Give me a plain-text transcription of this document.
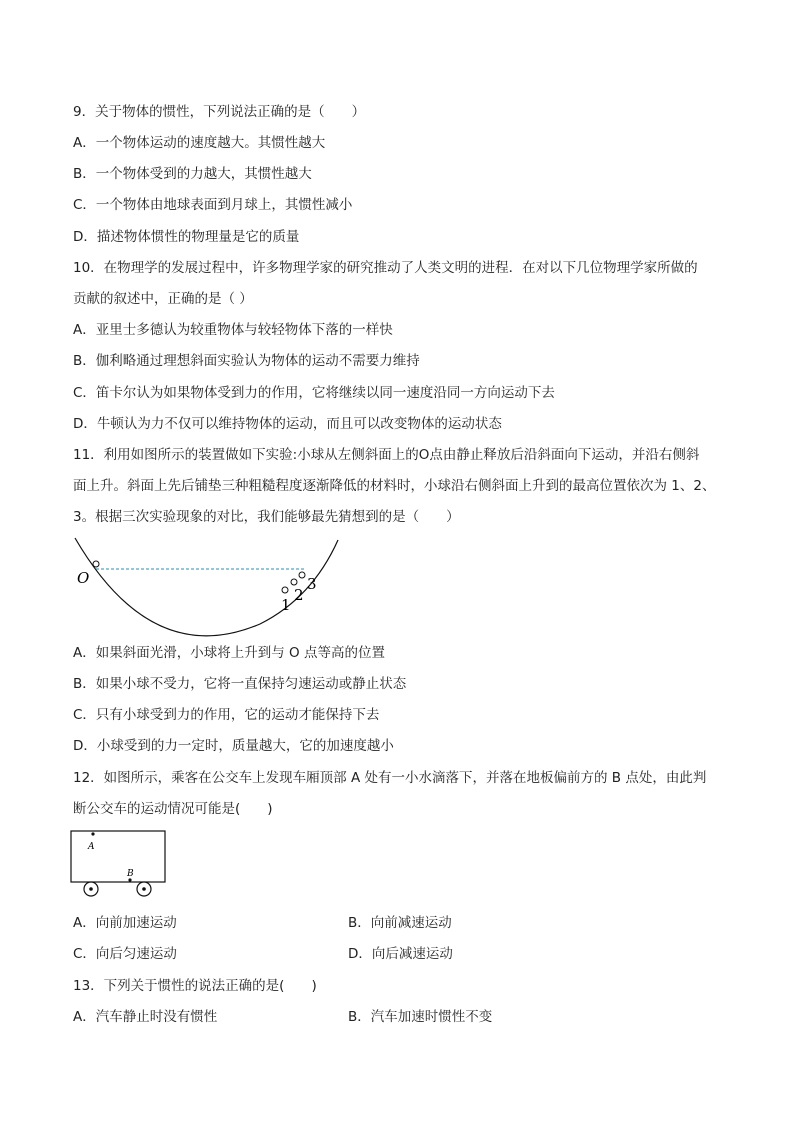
9．关于物体的惯性，下列说法正确的是（　　）
A．一个物体运动的速度越大。其惯性越大
B．一个物体受到的力越大，其惯性越大
C．一个物体由地球表面到月球上，其惯性减小
D．描述物体惯性的物理量是它的质量
10．在物理学的发展过程中，许多物理学家的研究推动了人类文明的进程．在对以下几位物理学家所做的
贡献的叙述中，正确的是（ ）
A．亚里士多德认为较重物体与较轻物体下落的一样快
B．伽利略通过理想斜面实验认为物体的运动不需要力维持
C．笛卡尔认为如果物体受到力的作用，它将继续以同一速度沿同一方向运动下去
D．牛顿认为力不仅可以维持物体的运动，而且可以改变物体的运动状态
11．利用如图所示的装置做如下实验:小球从左侧斜面上的O点由静止释放后沿斜面向下运动，并沿右侧斜
面上升。斜面上先后铺垫三种粗糙程度逐渐降低的材料时，小球沿右侧斜面上升到的最高位置依次为 1、2、
3。根据三次实验现象的对比，我们能够最先猜想到的是（　　）
O
1
2
3
A．如果斜面光滑，小球将上升到与 O 点等高的位置
B．如果小球不受力，它将一直保持匀速运动或静止状态
C．只有小球受到力的作用，它的运动才能保持下去
D．小球受到的力一定时，质量越大，它的加速度越小
12．如图所示，乘客在公交车上发现车厢顶部 A 处有一小水滴落下，并落在地板偏前方的 B 点处，由此判
断公交车的运动情况可能是(　　)
A
B
A．向前加速运动	B．向前减速运动
C．向后匀速运动	D．向后减速运动
13．下列关于惯性的说法正确的是(　　)
A．汽车静止时没有惯性	B．汽车加速时惯性不变
